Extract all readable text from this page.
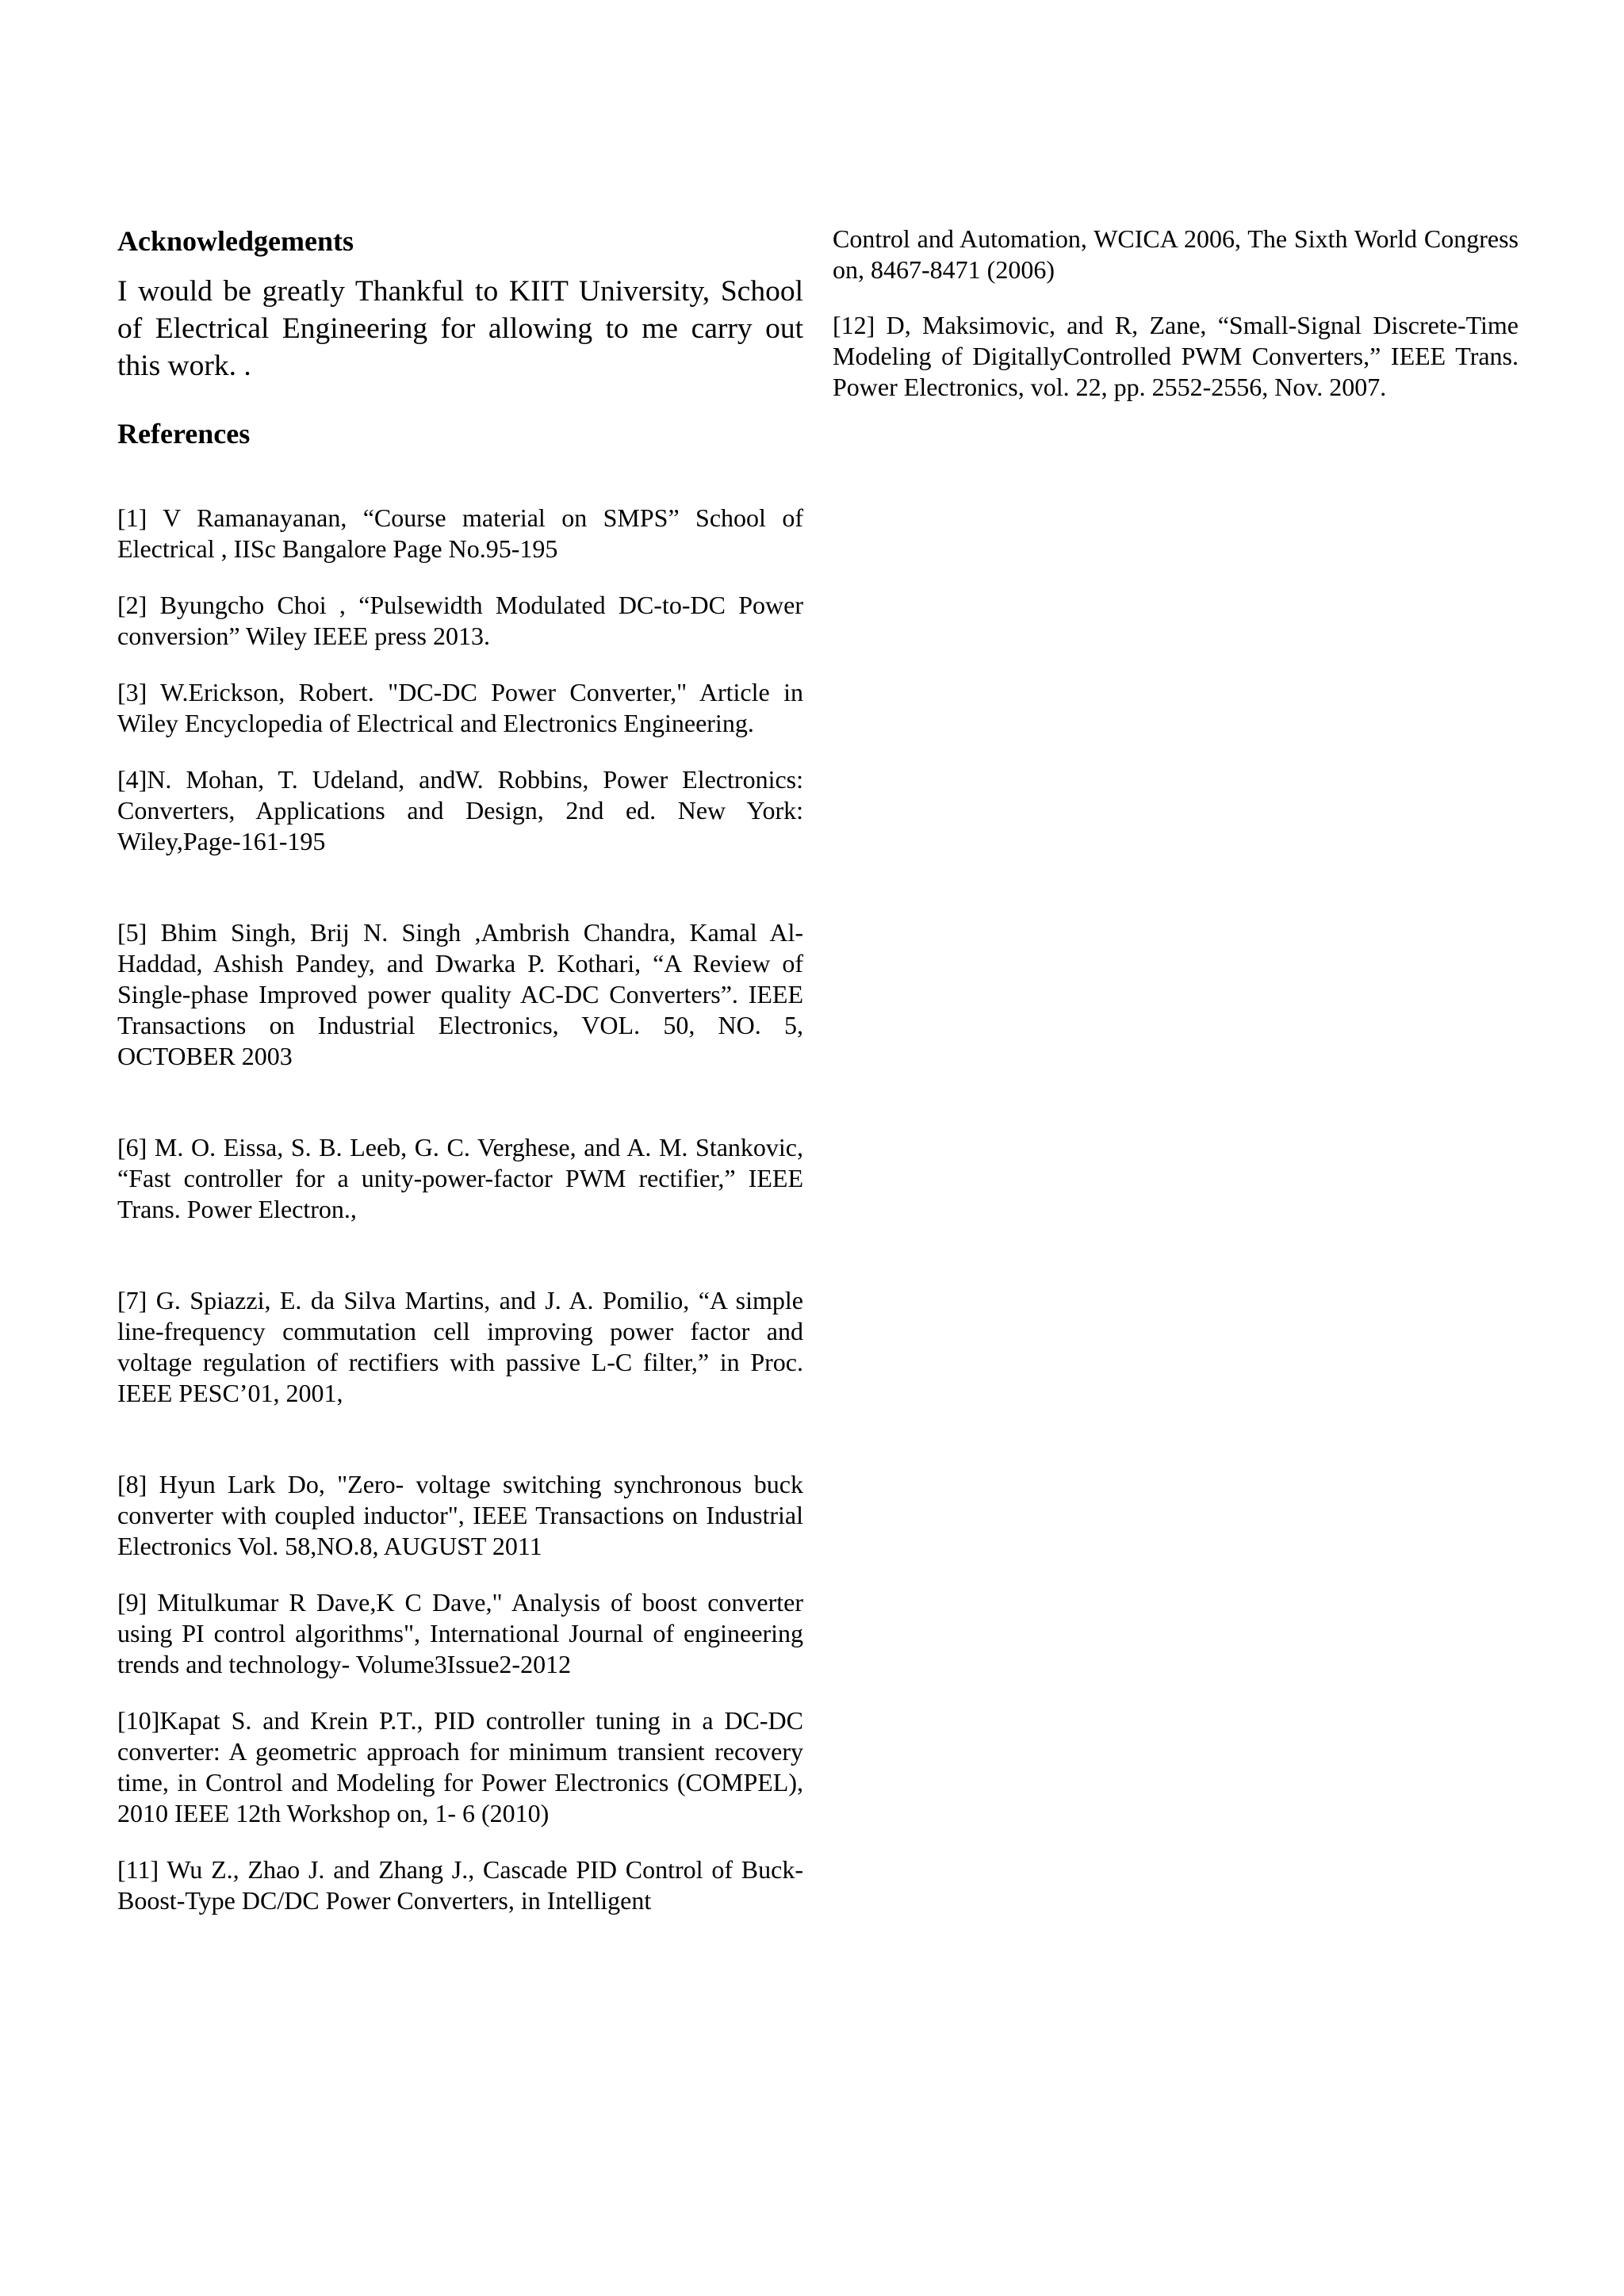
Acknowledgements

I would be greatly Thankful to KIIT University, School of Electrical Engineering for allowing to me carry out this work. .

References

[1] V Ramanayanan, “Course material on SMPS” School of Electrical , IISc Bangalore Page No.95-195

[2] Byungcho Choi , “Pulsewidth Modulated DC-to-DC Power conversion” Wiley IEEE press 2013.

[3] W.Erickson, Robert. "DC-DC Power Converter," Article in Wiley Encyclopedia of Electrical and Electronics Engineering.

[4]N. Mohan, T. Udeland, andW. Robbins, Power Electronics: Converters, Applications and Design, 2nd ed. New York: Wiley,Page-161-195

[5] Bhim Singh, Brij N. Singh ,Ambrish Chandra, Kamal Al-Haddad, Ashish Pandey, and Dwarka P. Kothari, “A Review of Single-phase Improved power quality AC-DC Converters”. IEEE Transactions on Industrial Electronics, VOL. 50, NO. 5, OCTOBER 2003

[6] M. O. Eissa, S. B. Leeb, G. C. Verghese, and A. M. Stankovic, “Fast controller for a unity-power-factor PWM rectifier,” IEEE Trans. Power Electron.,

[7] G. Spiazzi, E. da Silva Martins, and J. A. Pomilio, “A simple line-frequency commutation cell improving power factor and voltage regulation of rectifiers with passive L-C filter,” in Proc. IEEE PESC’01, 2001,

[8] Hyun Lark Do, "Zero- voltage switching synchronous buck converter with coupled inductor", IEEE Transactions on Industrial Electronics Vol. 58,NO.8, AUGUST 2011

[9] Mitulkumar R Dave,K C Dave," Analysis of boost converter using PI control algorithms", International Journal of engineering trends and technology- Volume3Issue2-2012

[10]Kapat S. and Krein P.T., PID controller tuning in a DC-DC converter: A geometric approach for minimum transient recovery time, in Control and Modeling for Power Electronics (COMPEL), 2010 IEEE 12th Workshop on, 1- 6 (2010)

[11] Wu Z., Zhao J. and Zhang J., Cascade PID Control of Buck-Boost-Type DC/DC Power Converters, in Intelligent

Control and Automation, WCICA 2006, The Sixth World Congress on, 8467-8471 (2006)

[12] D, Maksimovic, and R, Zane, “Small-Signal Discrete-Time Modeling of DigitallyControlled PWM Converters,” IEEE Trans. Power Electronics, vol. 22, pp. 2552-2556, Nov. 2007.
